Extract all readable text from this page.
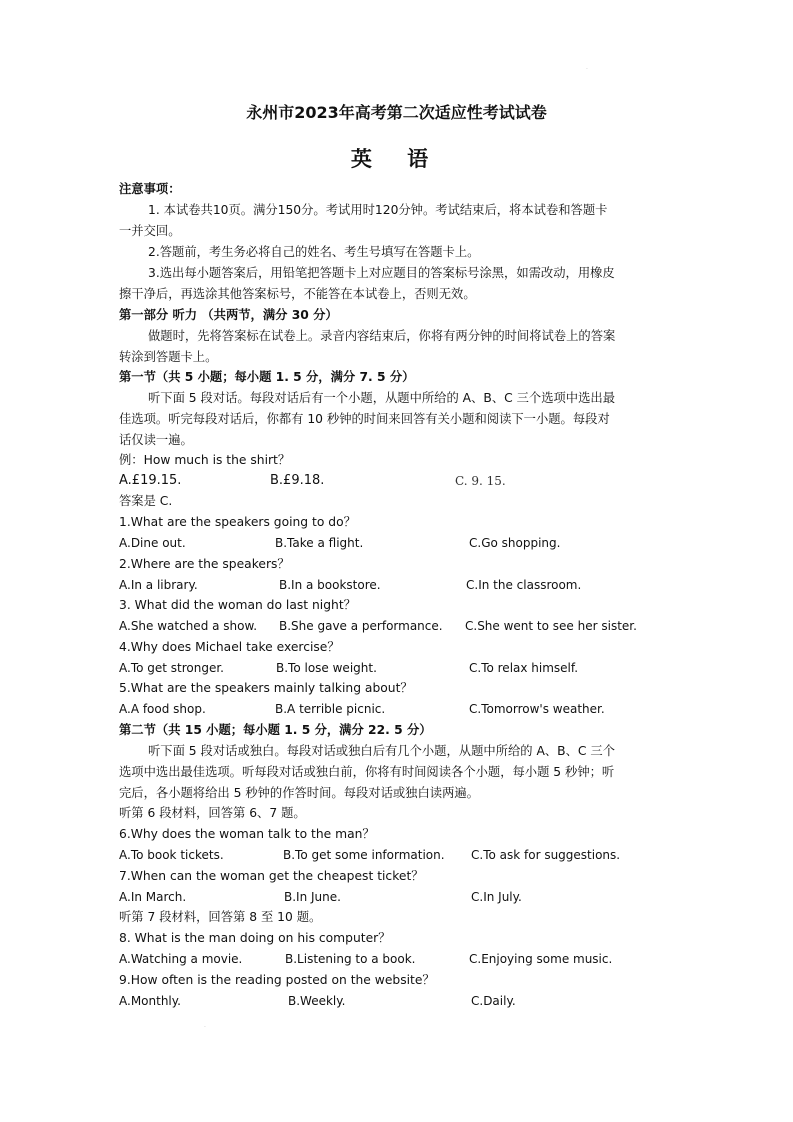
.
永州市2023年高考第二次适应性考试试卷
英 语
注意事项：
1. 本试卷共10页。满分150分。考试用时120分钟。考试结束后，将本试卷和答题卡
一并交回。
2.答题前，考生务必将自己的姓名、考生号填写在答题卡上。
3.选出每小题答案后，用铅笔把答题卡上对应题目的答案标号涂黑，如需改动，用橡皮
擦干净后，再选涂其他答案标号，不能答在本试卷上，否则无效。
第一部分 听力 （共两节，满分 30 分）
做题时，先将答案标在试卷上。录音内容结束后，你将有两分钟的时间将试卷上的答案
转涂到答题卡上。
第一节（共 5 小题；每小题 1. 5 分，满分 7. 5 分）
听下面 5 段对话。每段对话后有一个小题，从题中所给的 A、B、C 三个选项中选出最
佳选项。听完每段对话后，你都有 10 秒钟的时间来回答有关小题和阅读下一小题。每段对
话仅读一遍。
例：How much is the shirt？
A.£19.15.	B.£9.18.	C. 9. 15.
答案是 C.
1.What are the speakers going to do？
A.Dine out.	B.Take a flight.	C.Go shopping.
2.Where are the speakers？
A.In a library.	B.In a bookstore.	C.In the classroom.
3. What did the woman do last night？
A.She watched a show. B.She gave a performance. C.She went to see her sister.
4.Why does Michael take exercise？
A.To get stronger.	B.To lose weight.	C.To relax himself.
5.What are the speakers mainly talking about？
A.A food shop.	B.A terrible picnic.	C.Tomorrow's weather.
第二节（共 15 小题；每小题 1. 5 分，满分 22. 5 分）
听下面 5 段对话或独白。每段对话或独白后有几个小题，从题中所给的 A、B、C 三个
选项中选出最佳选项。听每段对话或独白前，你将有时间阅读各个小题，每小题 5 秒钟；听
完后，各小题将给出 5 秒钟的作答时间。每段对话或独白读两遍。
听第 6 段材料，回答第 6、7 题。
6.Why does the woman talk to the man？
A.To book tickets.	B.To get some information. C.To ask for suggestions.
7.When can the woman get the cheapest ticket？
A.In March.	B.In June.	C.In July.
听第 7 段材料，回答第 8 至 10 题。
8. What is the man doing on his computer？
A.Watching a movie.	B.Listening to a book.	C.Enjoying some music.
9.How often is the reading posted on the website？
A.Monthly.	B.Weekly.	C.Daily.
.
